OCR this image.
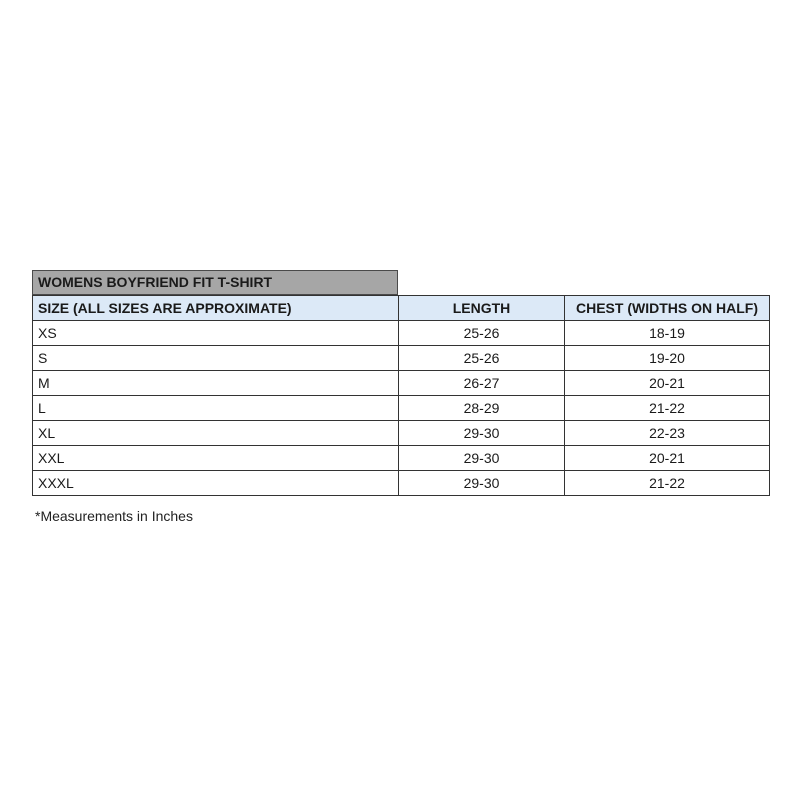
WOMENS BOYFRIEND FIT T-SHIRT
SIZE (ALL SIZES ARE APPROXIMATE)	LENGTH	CHEST (WIDTHS ON HALF)
XS	25-26	18-19
S	25-26	19-20
M	26-27	20-21
L	28-29	21-22
XL	29-30	22-23
XXL	29-30	20-21
XXXL	29-30	21-22
*Measurements in Inches
